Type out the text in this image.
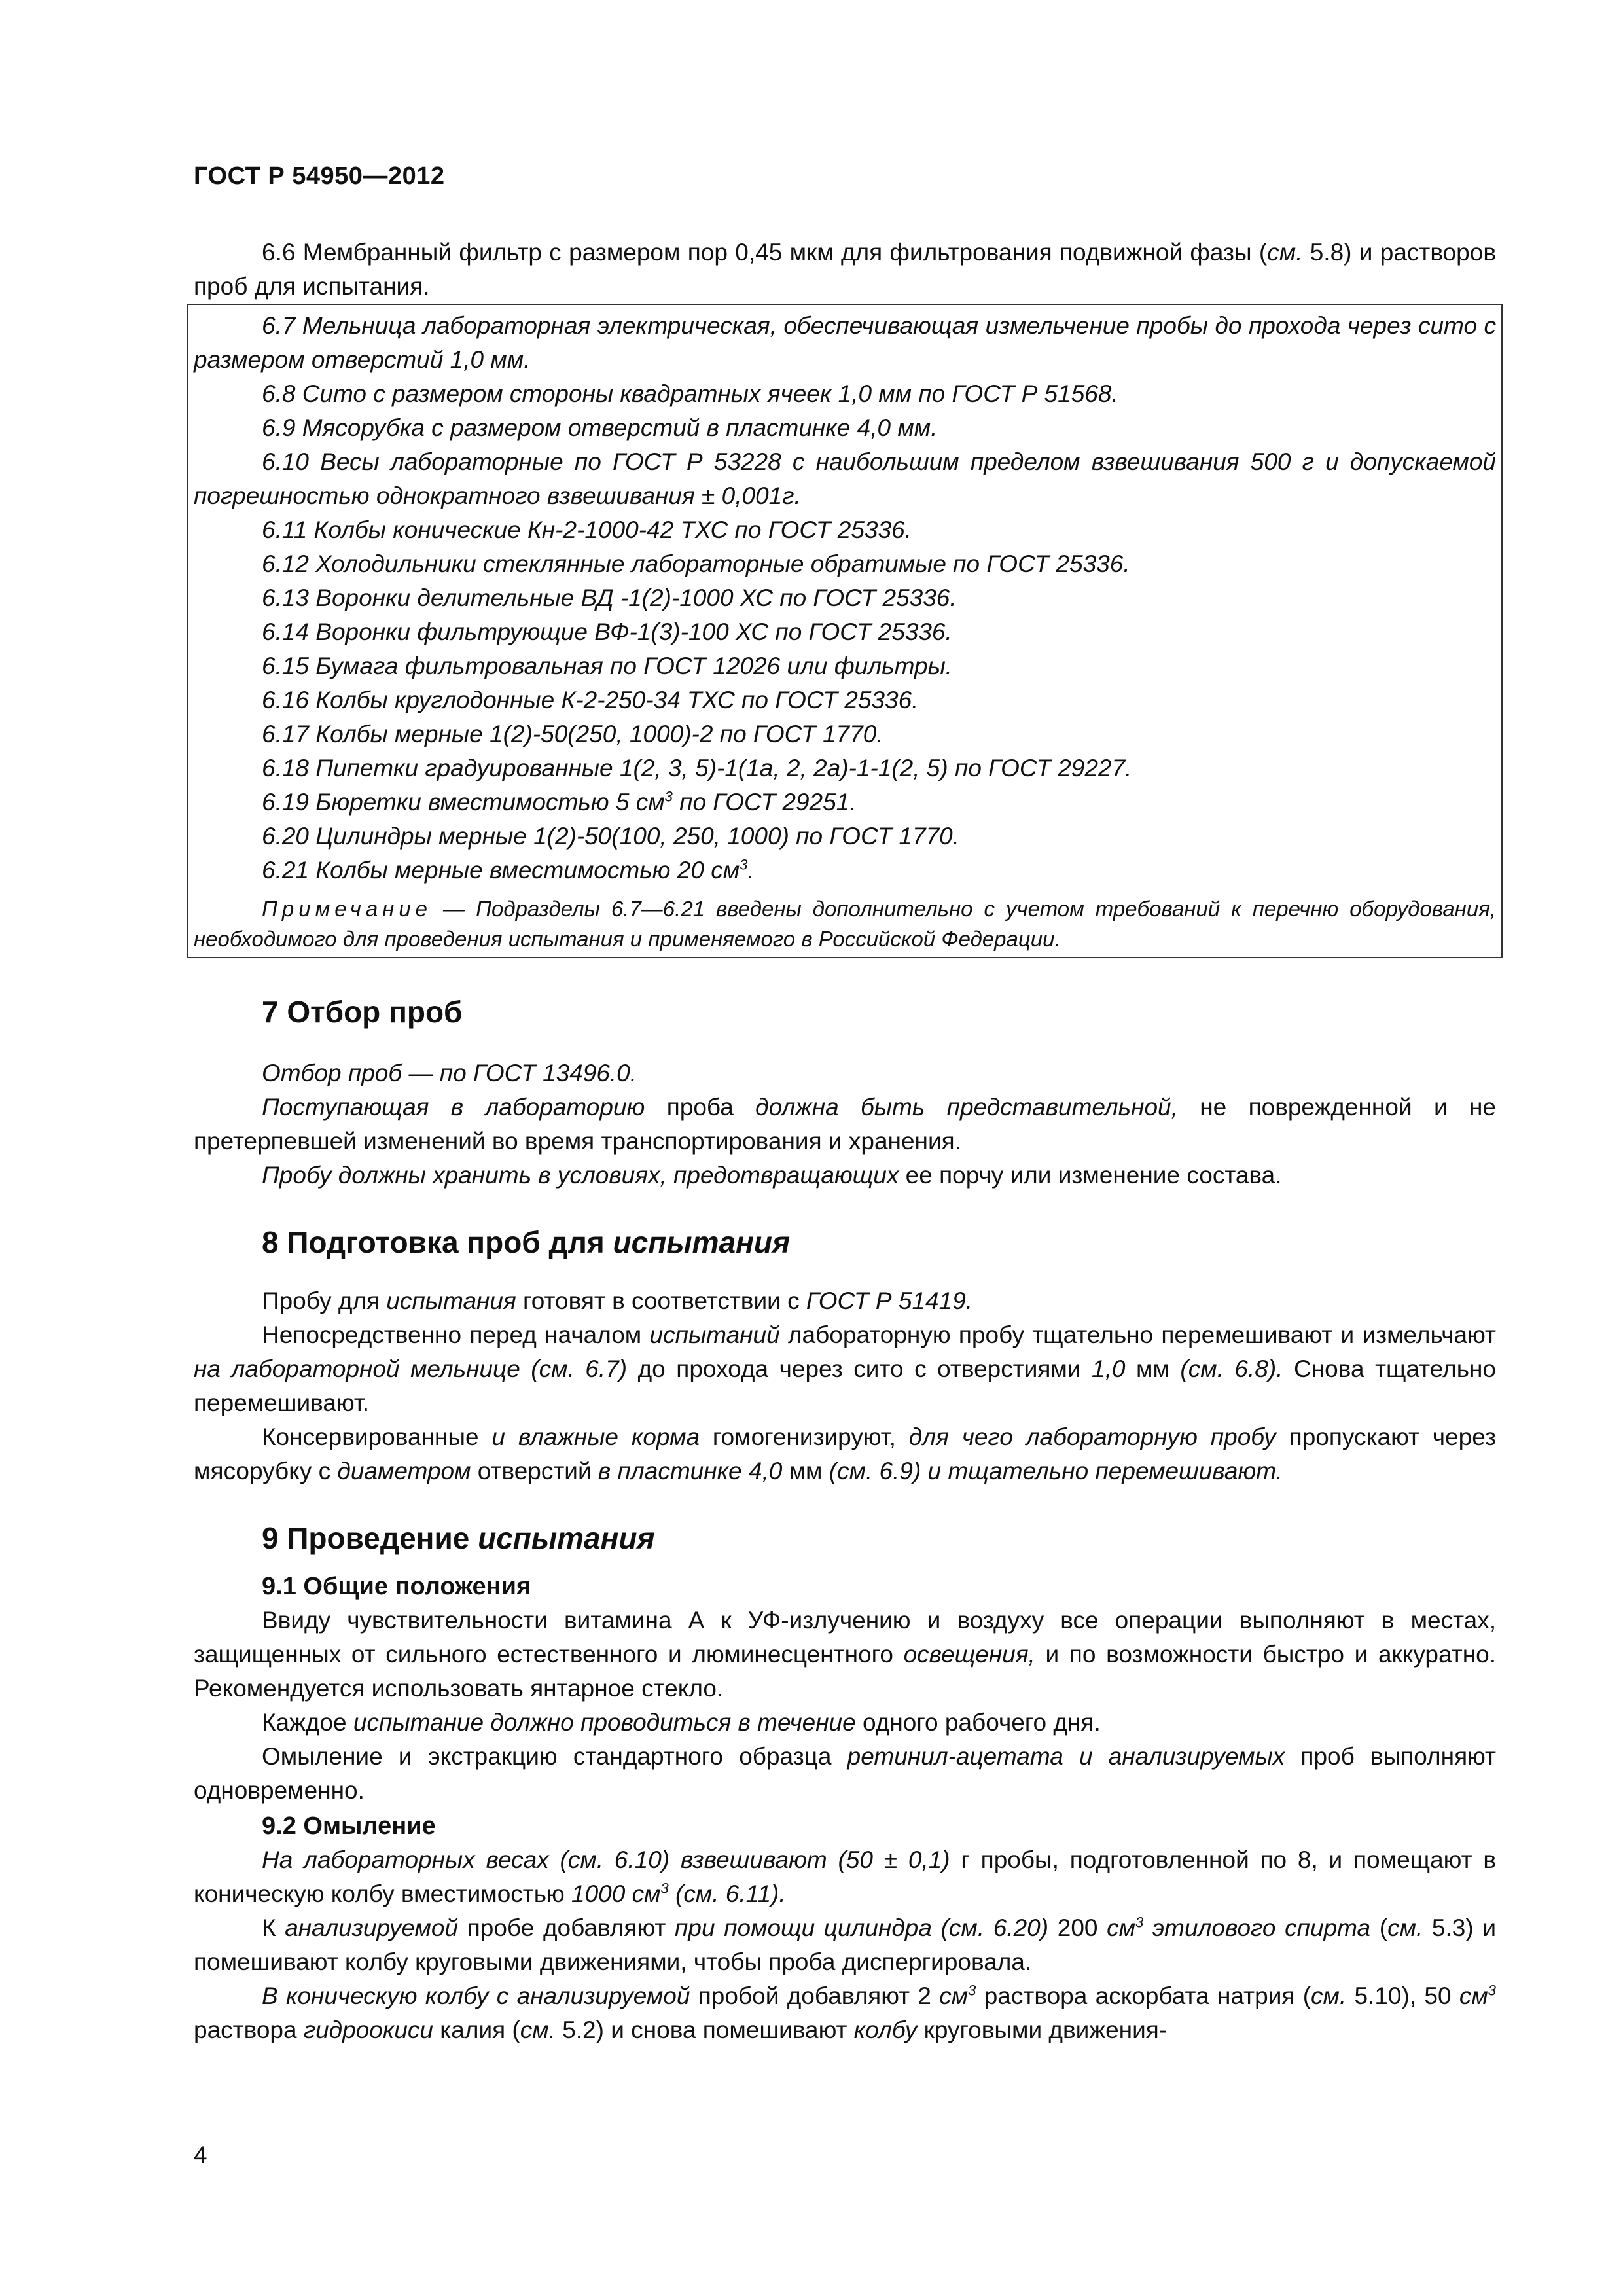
ГОСТ Р 54950—2012

6.6 Мембранный фильтр с размером пор 0,45 мкм для фильтрования подвижной фазы (см. 5.8) и растворов проб для испытания.

6.7 Мельница лабораторная электрическая, обеспечивающая измельчение пробы до прохода через сито с размером отверстий 1,0 мм.

6.8 Сито с размером стороны квадратных ячеек 1,0 мм по ГОСТ Р 51568.

6.9 Мясорубка с размером отверстий в пластинке 4,0 мм.

6.10 Весы лабораторные по ГОСТ Р 53228 с наибольшим пределом взвешивания 500 г и допускаемой погрешностью однократного взвешивания ± 0,001г.

6.11 Колбы конические Кн-2-1000-42 ТХС по ГОСТ 25336.

6.12 Холодильники стеклянные лабораторные обратимые по ГОСТ 25336.

6.13 Воронки делительные ВД -1(2)-1000 ХС по ГОСТ 25336.

6.14 Воронки фильтрующие ВФ-1(3)-100 ХС по ГОСТ 25336.

6.15 Бумага фильтровальная по ГОСТ 12026 или фильтры.

6.16 Колбы круглодонные К-2-250-34 ТХС по ГОСТ 25336.

6.17 Колбы мерные 1(2)-50(250, 1000)-2 по ГОСТ 1770.

6.18 Пипетки градуированные 1(2, 3, 5)-1(1а, 2, 2а)-1-1(2, 5) по ГОСТ 29227.

6.19 Бюретки вместимостью 5 $см^3$ по ГОСТ 29251.

6.20 Цилиндры мерные 1(2)-50(100, 250, 1000) по ГОСТ 1770.

6.21 Колбы мерные вместимостью 20 $см^3$.

Примечание — Подразделы 6.7—6.21 введены дополнительно с учетом требований к перечню оборудования, необходимого для проведения испытания и применяемого в Российской Федерации.

7 Отбор проб

Отбор проб — по ГОСТ 13496.0.

Поступающая в лабораторию проба должна быть представительной, не поврежденной и не претерпевшей изменений во время транспортирования и хранения.

Пробу должны хранить в условиях, предотвращающих ее порчу или изменение состава.

8 Подготовка проб для испытания

Пробу для испытания готовят в соответствии с ГОСТ Р 51419.

Непосредственно перед началом испытаний лабораторную пробу тщательно перемешивают и измельчают на лабораторной мельнице (см. 6.7) до прохода через сито с отверстиями 1,0 мм (см. 6.8). Снова тщательно перемешивают.

Консервированные и влажные корма гомогенизируют, для чего лабораторную пробу пропускают через мясорубку с диаметром отверстий в пластинке 4,0 мм (см. 6.9) и тщательно перемешивают.

9 Проведение испытания
9.1 Общие положения

Ввиду чувствительности витамина А к УФ-излучению и воздуху все операции выполняют в местах, защищенных от сильного естественного и люминесцентного освещения, и по возможности быстро и аккуратно. Рекомендуется использовать янтарное стекло.

Каждое испытание должно проводиться в течение одного рабочего дня.

Омыление и экстракцию стандартного образца ретинил-ацетата и анализируемых проб выполняют одновременно.

9.2 Омыление

На лабораторных весах (см. 6.10) взвешивают (50 ± 0,1) г пробы, подготовленной по 8, и помещают в коническую колбу вместимостью 1000 $см^3$ (см. 6.11).

К анализируемой пробе добавляют при помощи цилиндра (см. 6.20) 200 $см^3$ этилового спирта (см. 5.3) и помешивают колбу круговыми движениями, чтобы проба диспергировала.

В коническую колбу с анализируемой пробой добавляют 2 $см^3$ раствора аскорбата натрия (см. 5.10), 50 $см^3$ раствора гидроокиси калия (см. 5.2) и снова помешивают колбу круговыми движения-

4
